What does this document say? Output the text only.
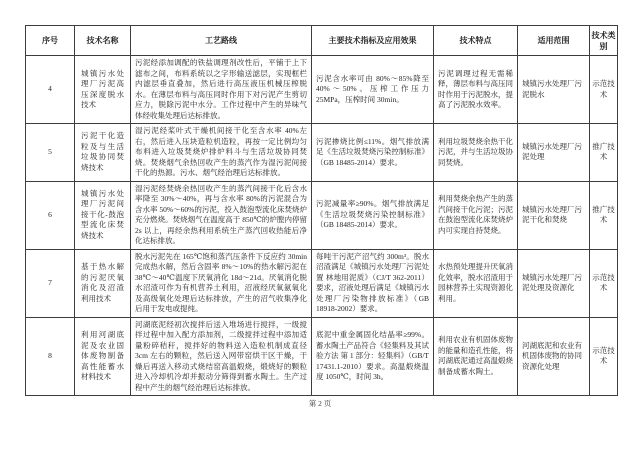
序号	技术名称	工艺路线	主要技术指标及应用效果	技术特点	适用范围	技术类别
4	城镇污水处理厂污泥高压深度脱水技术	污泥经添加调配的铁盐调理剂改性后，平铺于上下滤布之间，布料系统以之字形输送滤层，实现框栏内滤层垂直叠加，然后进行高压液压机械压榨脱水。在薄层布料与高压同时作用下对污泥产生剪切应力，脱除污泥中水分。工作过程中产生的异味气体经收集处理后达标排放。	污泥含水率可由 80%～85%降至 40%～50%。压榨工作压力 25MPa，压榨时间 30min。	污泥调理过程无需稀释，薄层布料与高压同时作用于污泥脱水，提高了污泥脱水效率。	城镇污水处理厂污泥脱水	示范技术
5	污泥干化造粒及与生活垃圾协同焚烧技术	湿污泥经桨叶式干燥机间接干化至含水率 40%左右，然后进入压块造粒机造粒，再按一定比例均匀布料进入垃圾焚烧炉排炉料斗与生活垃圾协同焚烧。焚烧烟气余热回收产生的蒸汽作为湿污泥间接干化的热源。污水、烟气经治理后达标排放。	污泥掺烧比例≤11%。烟气排放满足《生活垃圾焚烧污染控制标准》（GB 18485-2014）要求。	利用垃圾焚烧余热干化污泥，并与生活垃圾协同焚烧。	城镇污水处理厂污泥处理	推广技术
6	城镇污水处理厂污泥间接干化-鼓泡型流化床焚烧技术	湿污泥经焚烧余热回收产生的蒸汽间接干化后含水率降至 30%～40%，再与含水率 80%的污泥混合为含水率 50%～60%的污泥，投入鼓泡型流化床焚烧炉充分燃烧。焚烧烟气在温度高于 850℃的炉膛内停留 2s 以上，再经余热利用系统生产蒸汽回收热能后净化达标排放。	污泥减量率≥90%。烟气排放满足《生活垃圾焚烧污染控制标准》（GB 18485-2014）要求。	利用焚烧余热产生的蒸汽间接干化污泥；污泥在鼓泡型流化床焚烧炉内可实现自持焚烧。	城镇污水处理厂污泥干化和焚烧	推广技术
7	基于热水解的污泥厌氧消化及沼渣利用技术	脱水污泥先在 165℃饱和蒸汽压条件下反应约 30min 完成热水解，然后含固率 8%～10%的热水解污泥在 38℃～40℃温度下厌氧消化 18d～21d。厌氧消化脱水沼渣可作为有机营养土利用，沼液经厌氧氨氧化及高级氧化处理后达标排放，产生的沼气收集净化后用于发电或提纯。	每吨干污泥产沼气约 300m³。脱水沼渣满足《城镇污水处理厂污泥处置 林地用泥质》（CJ/T 362-2011）要求，沼液处理后满足《城镇污水处理厂污染物排放标准》（GB 18918-2002）要求。	水热预处理提升厌氧消化效率，脱水沼渣用于园林营养土实现资源化利用。	城镇污水处理厂污泥处理及资源化	示范技术
8	利用河湖底泥及农业固体废物制备高性能蓄水材料技术	河湖底泥经初次搅拌后送入堆场进行搅拌，一级搅拌过程中加入配方添加剂，二级搅拌过程中添加适量粉碎秸秆，搅拌好的物料送入造粒机制成直径 3cm 左右的颗粒，然后送入网带窑烘干区干燥，干燥后再送入移动式烧结窑高温煅烧，煅烧好的颗粒进入冷却机冷却并振动分筛得到蓄水陶土。生产过程中产生的烟气经治理后达标排放。	底泥中重金属固化结晶率≥99%。蓄水陶土产品符合《轻集料及其试验方法 第 1 部分：轻集料》（GB/T 17431.1-2010）要求。高温煅烧温度 1050℃，时间 3h。	利用农业有机固体废物的能量和造孔性能，将河湖底泥通过高温煅烧制备成蓄水陶土。	河湖底泥和农业有机固体废物的协同资源化处理	示范技术
第 2 页
